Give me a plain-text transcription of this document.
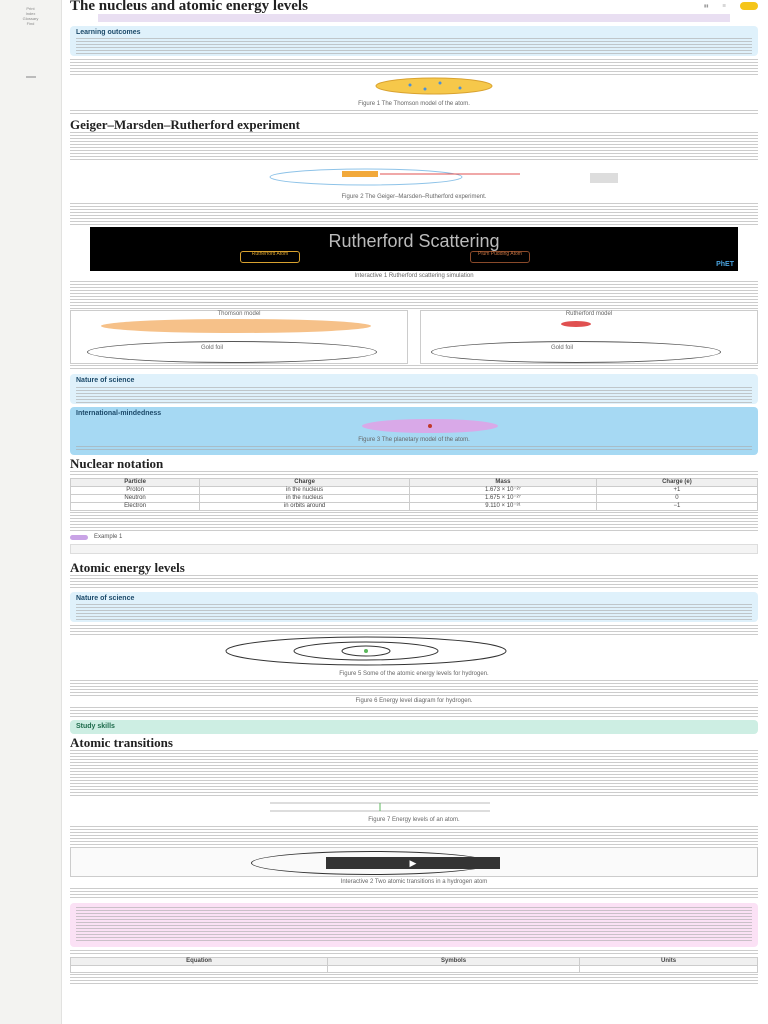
Print
Index
Glossary
Find
The nucleus and atomic energy levels	▮▮	☰
Learning outcomes
Figure 1 The Thomson model of the atom.
Geiger–Marsden–Rutherford experiment
Figure 2 The Geiger–Marsden–Rutherford experiment.
Rutherford Scattering
Rutherford Atom	Plum Pudding Atom
PhET
Interactive 1 Rutherford scattering simulation
Thomson model
Gold foil
Rutherford model
Gold foil
Nature of science
International-mindedness
Figure 3 The planetary model of the atom.
Nuclear notation
Particle	Charge	Mass	Charge (e)
Proton	in the nucleus	1.673 × 10⁻²⁷	+1
Neutron	in the nucleus	1.675 × 10⁻²⁷	0
Electron	in orbits around	9.110 × 10⁻³¹	−1
Example 1
Atomic energy levels
Nature of science
Figure 5 Some of the atomic energy levels for hydrogen.
Figure 6 Energy level diagram for hydrogen.
Study skills
Atomic transitions
Figure 7 Energy levels of an atom.
▶
Interactive 2 Two atomic transitions in a hydrogen atom
Equation	Symbols	Units
